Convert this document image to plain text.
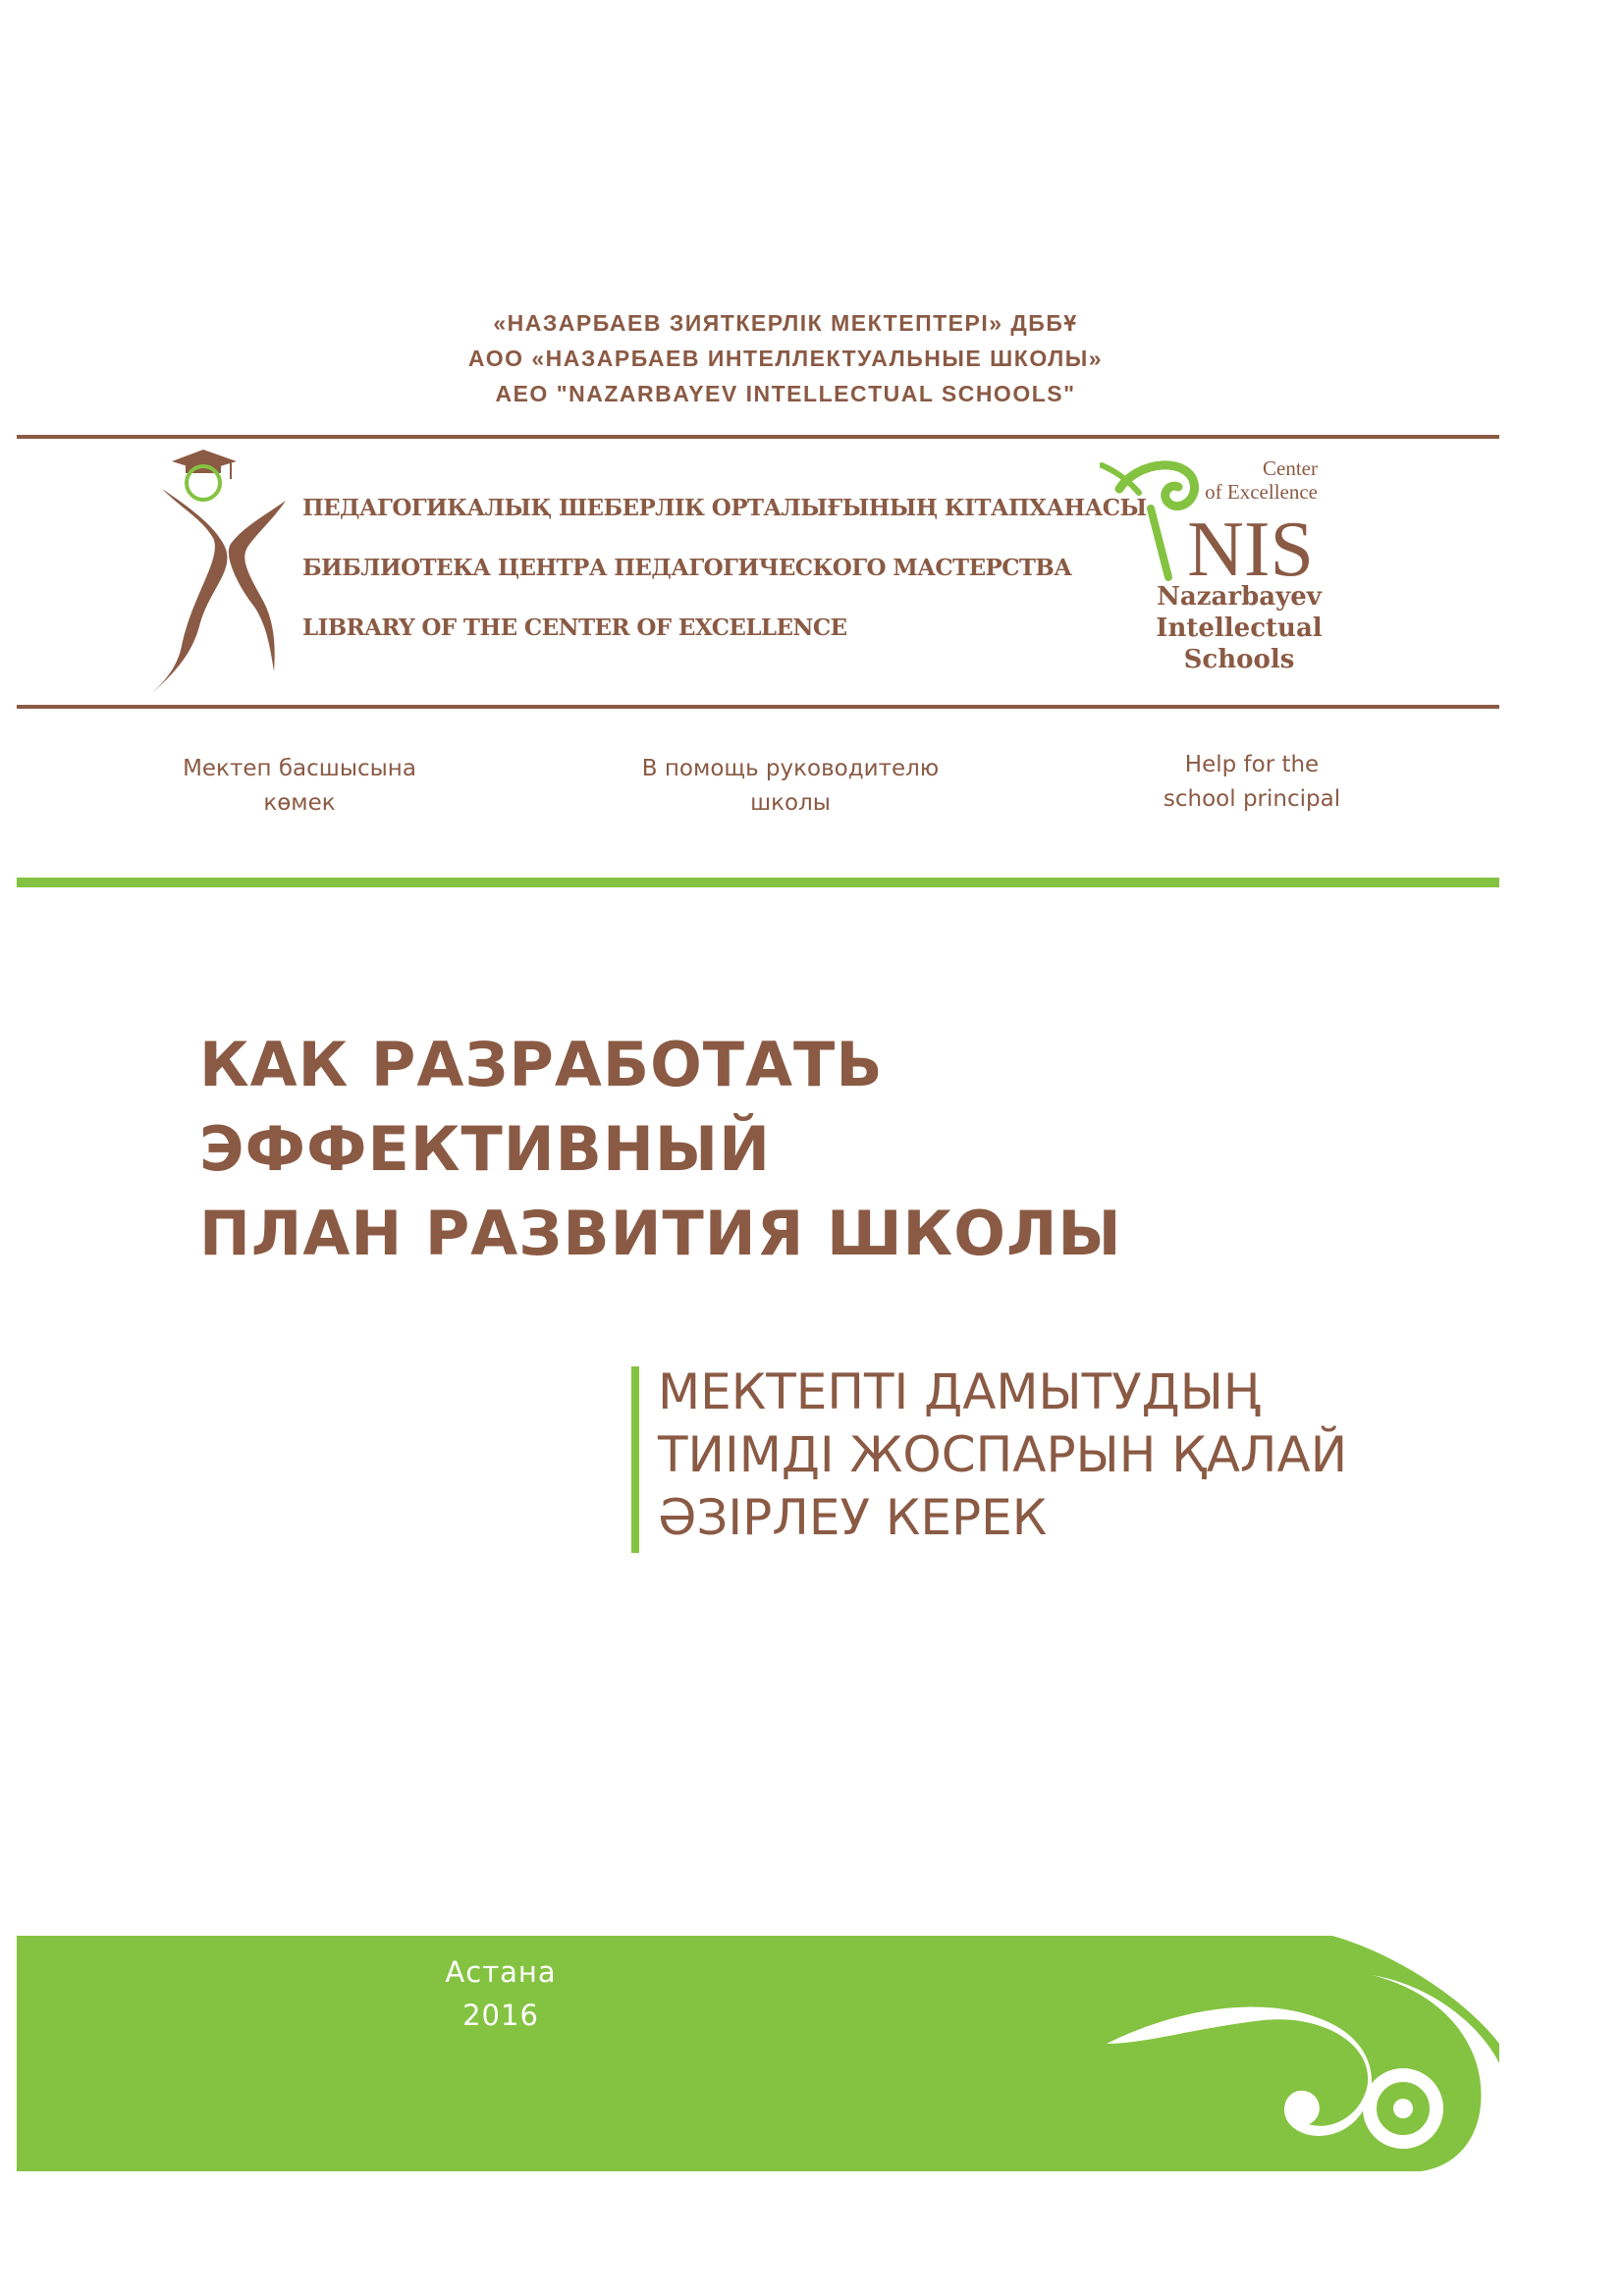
«НАЗАРБАЕВ ЗИЯТКЕРЛІК МЕКТЕПТЕРІ» ДББҰ
АОО «НАЗАРБАЕВ ИНТЕЛЛЕКТУАЛЬНЫЕ ШКОЛЫ»
AEO "NAZARBAYEV INTELLECTUAL SCHOOLS"
ПЕДАГОГИКАЛЫҚ ШЕБЕРЛІК ОРТАЛЫҒЫНЫҢ КІТАПХАНАСЫ
БИБЛИОТЕКА ЦЕНТРА ПЕДАГОГИЧЕСКОГО МАСТЕРСТВА
LIBRARY OF THE CENTER OF EXCELLENCE
Center
of Excellence
NIS
Nazarbayev
Intellectual
Schools
Мектеп басшысына
көмек
В помощь руководителю
школы
Help for the
school principal
КАК РАЗРАБОТАТЬ
ЭФФЕКТИВНЫЙ
ПЛАН РАЗВИТИЯ ШКОЛЫ
МЕКТЕПТІ ДАМЫТУДЫҢ
ТИІМДІ ЖОСПАРЫН ҚАЛАЙ
ӘЗІРЛЕУ КЕРЕК
Астана
2016
